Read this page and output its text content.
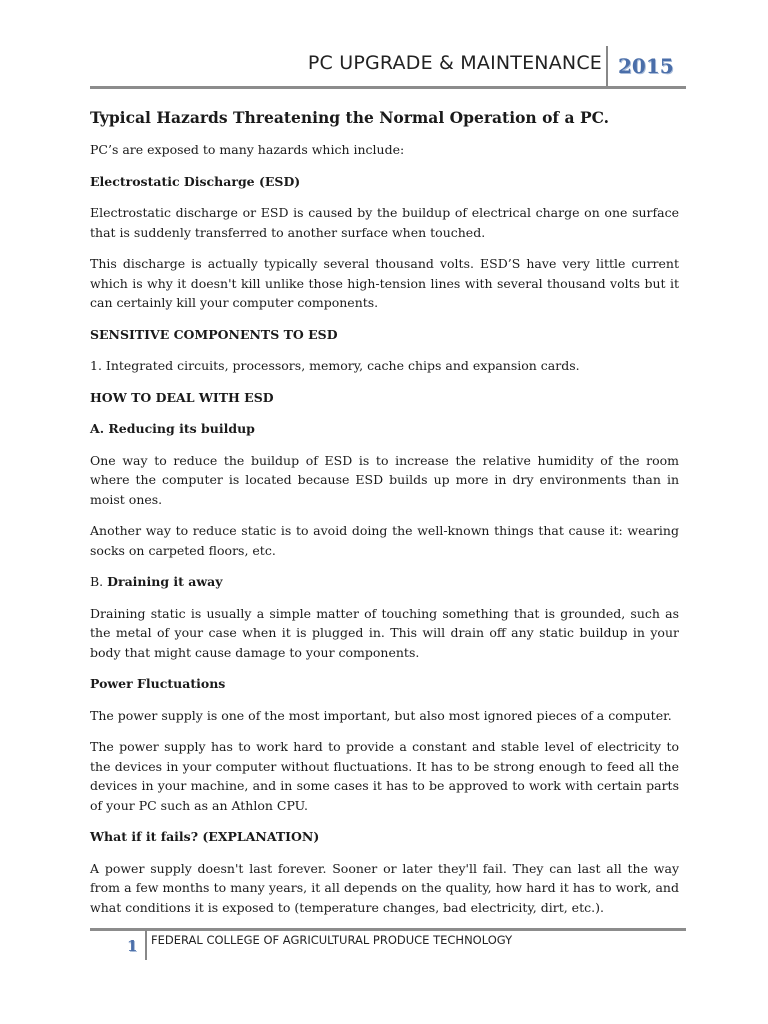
PC UPGRADE & MAINTENANCE 2015

Typical Hazards Threatening the Normal Operation of a PC.

PC’s are exposed to many hazards which include:

Electrostatic Discharge (ESD)

Electrostatic discharge or ESD is caused by the buildup of electrical charge on one surface that is suddenly transferred to another surface when touched.

This discharge is actually typically several thousand volts. ESD’S have very little current which is why it doesn't kill unlike those high-tension lines with several thousand volts but it can certainly kill your computer components.

SENSITIVE COMPONENTS TO ESD

1. Integrated circuits, processors, memory, cache chips and expansion cards.

HOW TO DEAL WITH ESD

A. Reducing its buildup

One way to reduce the buildup of ESD is to increase the relative humidity of the room where the computer is located because ESD builds up more in dry environments than in moist ones.

Another way to reduce static is to avoid doing the well-known things that cause it: wearing socks on carpeted floors, etc.

B. Draining it away

Draining static is usually a simple matter of touching something that is grounded, such as the metal of your case when it is plugged in. This will drain off any static buildup in your body that might cause damage to your components.

Power Fluctuations

The power supply is one of the most important, but also most ignored pieces of a computer.

The power supply has to work hard to provide a constant and stable level of electricity to the devices in your computer without fluctuations. It has to be strong enough to feed all the devices in your machine, and in some cases it has to be approved to work with certain parts of your PC such as an Athlon CPU.

What if it fails? (EXPLANATION)

A power supply doesn't last forever. Sooner or later they'll fail. They can last all the way from a few months to many years, it all depends on the quality, how hard it has to work, and what conditions it is exposed to (temperature changes, bad electricity, dirt, etc.).

1 FEDERAL COLLEGE OF AGRICULTURAL PRODUCE TECHNOLOGY
